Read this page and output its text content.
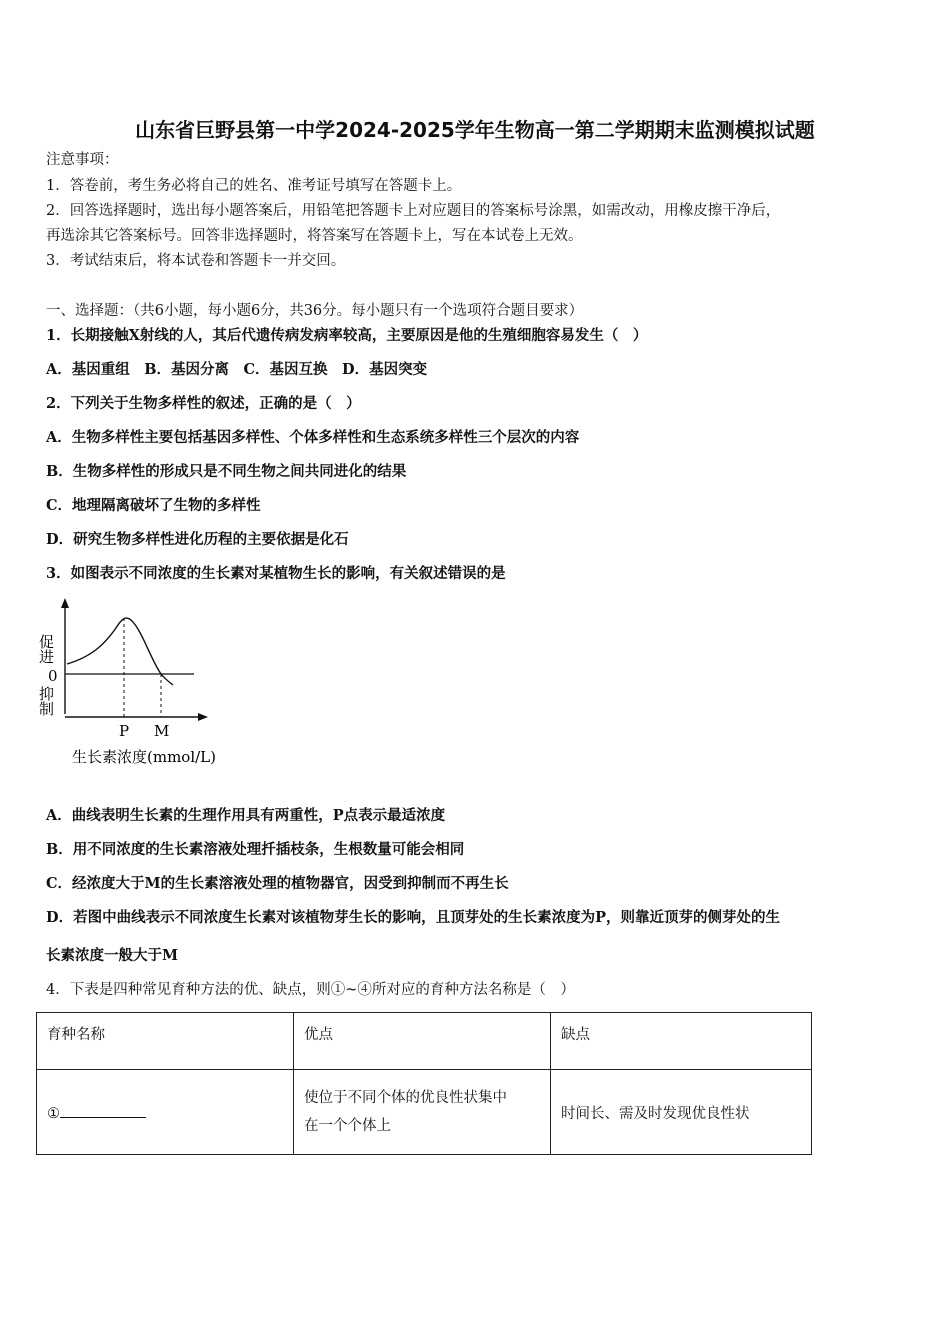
山东省巨野县第一中学2024-2025学年生物高一第二学期期末监测模拟试题
注意事项：
1．答卷前，考生务必将自己的姓名、准考证号填写在答题卡上。
2．回答选择题时，选出每小题答案后，用铅笔把答题卡上对应题目的答案标号涂黑，如需改动，用橡皮擦干净后，
再选涂其它答案标号。回答非选择题时，将答案写在答题卡上，写在本试卷上无效。
3．考试结束后，将本试卷和答题卡一并交回。
一、选择题：（共6小题，每小题6分，共36分。每小题只有一个选项符合题目要求）
1．长期接触X射线的人，其后代遗传病发病率较高，主要原因是他的生殖细胞容易发生（　）
A．基因重组　B．基因分离　C．基因互换　D．基因突变
2．下列关于生物多样性的叙述，正确的是（　）
A．生物多样性主要包括基因多样性、个体多样性和生态系统多样性三个层次的内容
B．生物多样性的形成只是不同生物之间共同进化的结果
C．地理隔离破坏了生物的多样性
D．研究生物多样性进化历程的主要依据是化石
3．如图表示不同浓度的生长素对某植物生长的影响，有关叙述错误的是
促进
0
抑制
P M
生长素浓度(mmol/L)
A．曲线表明生长素的生理作用具有两重性，P点表示最适浓度
B．用不同浓度的生长素溶液处理扦插枝条，生根数量可能会相同
C．经浓度大于M的生长素溶液处理的植物器官，因受到抑制而不再生长
D．若图中曲线表示不同浓度生长素对该植物芽生长的影响，且顶芽处的生长素浓度为P，则靠近顶芽的侧芽处的生
长素浓度一般大于M
4．下表是四种常见育种方法的优、缺点，则①~④所对应的育种方法名称是（　）
育种名称	优点	缺点
①	使位于不同个体的优良性状集中
在一个个体上	时间长、需及时发现优良性状
